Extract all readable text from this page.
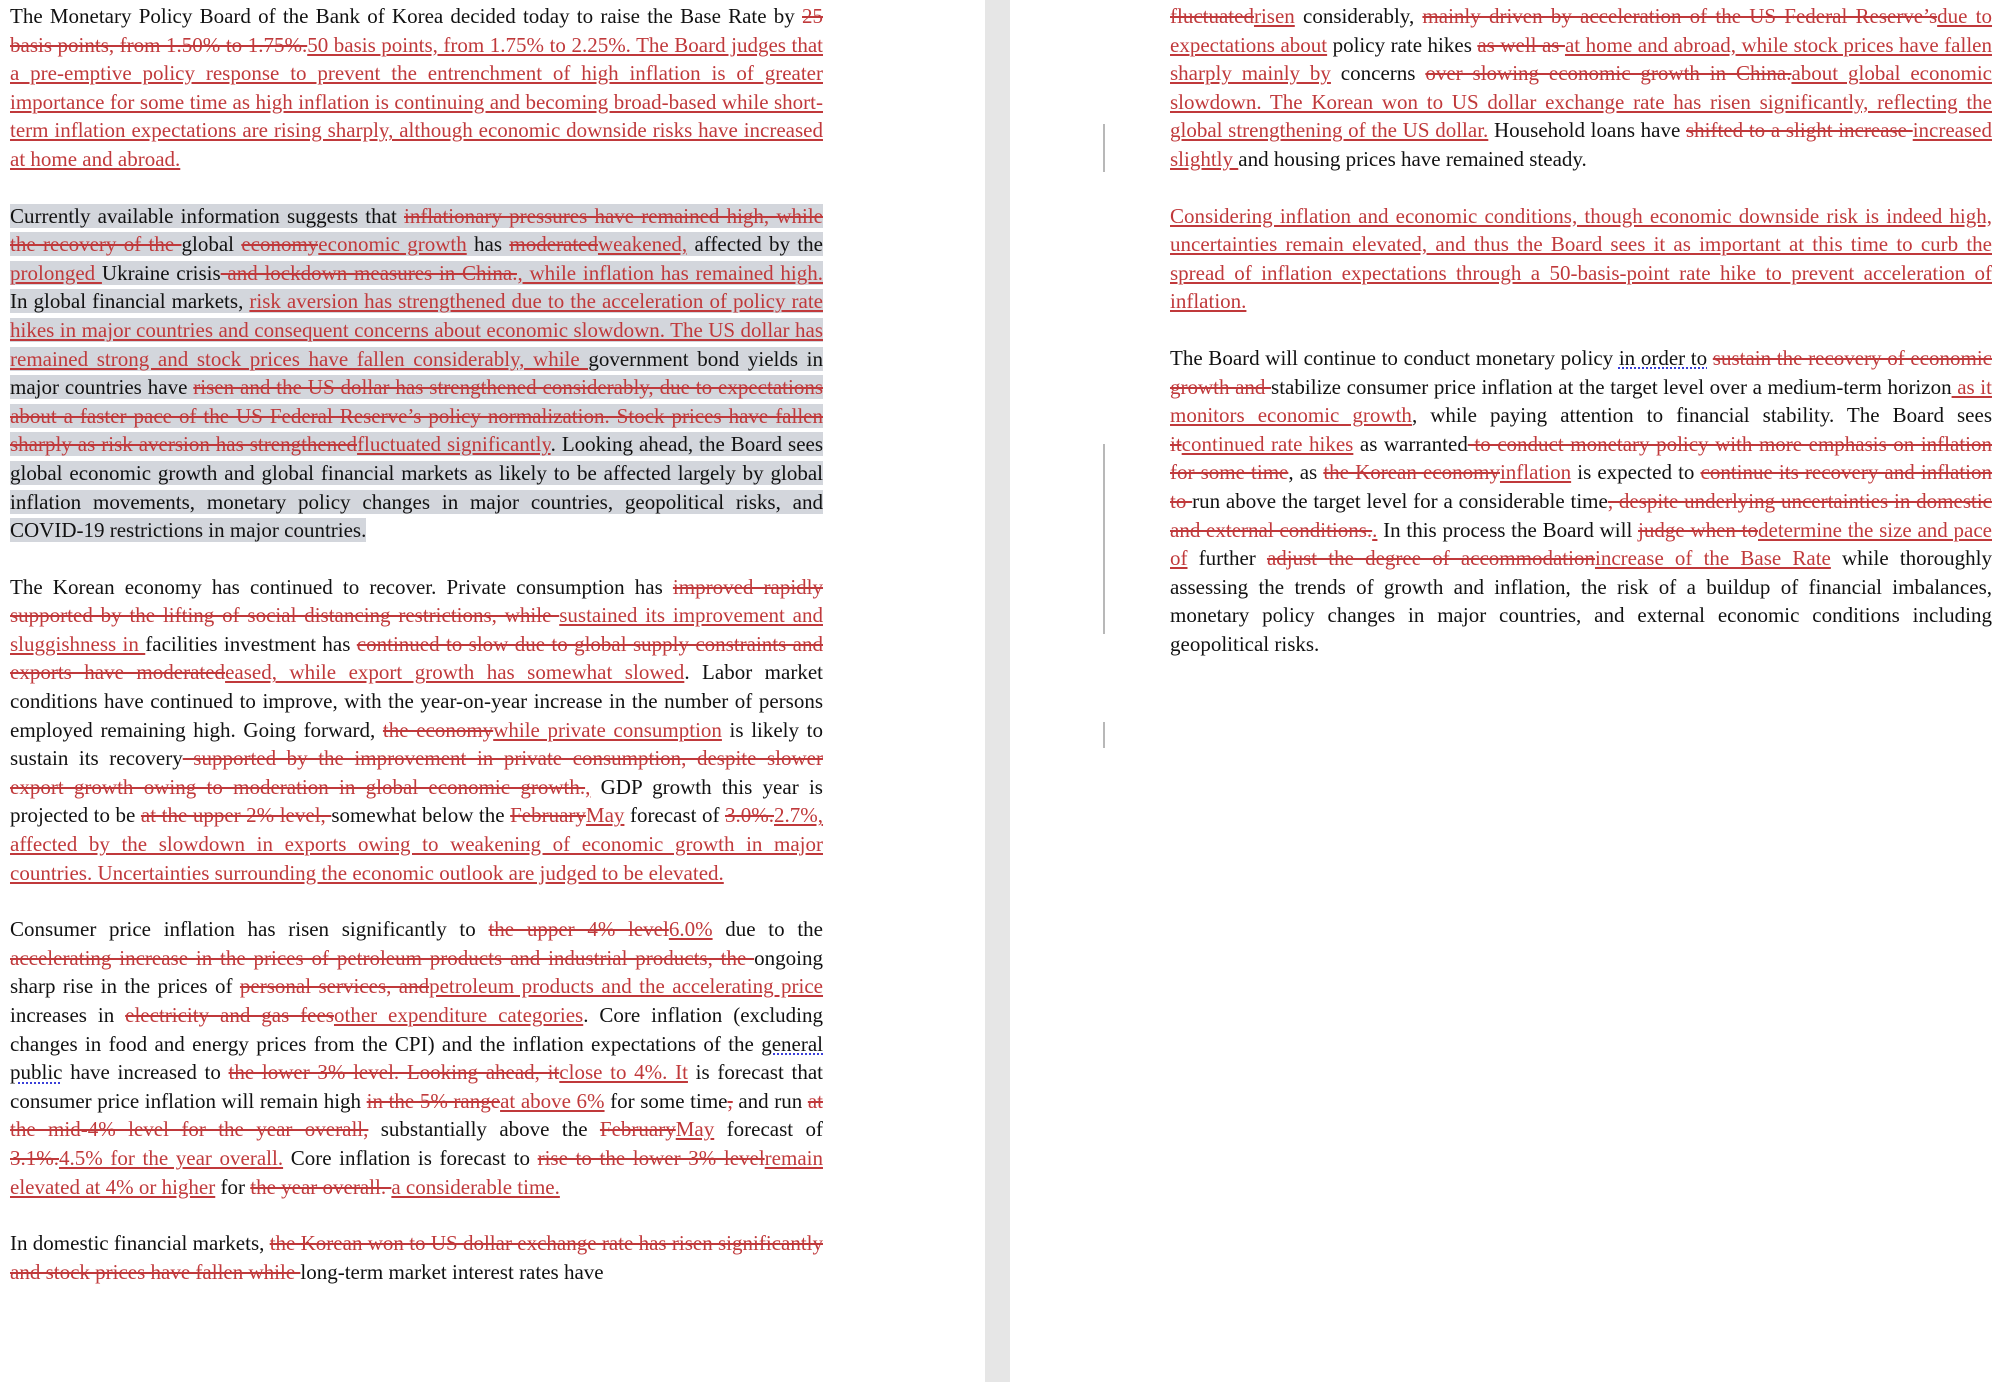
The Monetary Policy Board of the Bank of Korea decided today to raise the Base Rate by 25 basis points, from 1.50% to 1.75%.50 basis points, from 1.75% to 2.25%. The Board judges that a pre-emptive policy response to prevent the entrenchment of high inflation is of greater importance for some time as high inflation is continuing and becoming broad-based while short-term inflation expectations are rising sharply, although economic downside risks have increased at home and abroad.

Currently available information suggests that inflationary pressures have remained high, while the recovery of the global economyeconomic growth has moderatedweakened, affected by the prolonged Ukraine crisis and lockdown measures in China., while inflation has remained high. In global financial markets, risk aversion has strengthened due to the acceleration of policy rate hikes in major countries and consequent concerns about economic slowdown. The US dollar has remained strong and stock prices have fallen considerably, while government bond yields in major countries have risen and the US dollar has strengthened considerably, due to expectations about a faster pace of the US Federal Reserve’s policy normalization. Stock prices have fallen sharply as risk aversion has strengthenedfluctuated significantly. Looking ahead, the Board sees global economic growth and global financial markets as likely to be affected largely by global inflation movements, monetary policy changes in major countries, geopolitical risks, and COVID-19 restrictions in major countries.

The Korean economy has continued to recover. Private consumption has improved rapidly supported by the lifting of social distancing restrictions, while sustained its improvement and sluggishness in facilities investment has continued to slow due to global supply constraints and exports have moderatedeased, while export growth has somewhat slowed. Labor market conditions have continued to improve, with the year-on-year increase in the number of persons employed remaining high. Going forward, the economywhile private consumption is likely to sustain its recovery supported by the improvement in private consumption, despite slower export growth owing to moderation in global economic growth., GDP growth this year is projected to be at the upper 2% level, somewhat below the FebruaryMay forecast of 3.0%.2.7%, affected by the slowdown in exports owing to weakening of economic growth in major countries. Uncertainties surrounding the economic outlook are judged to be elevated.

Consumer price inflation has risen significantly to the upper 4% level6.0% due to the accelerating increase in the prices of petroleum products and industrial products, the ongoing sharp rise in the prices of personal services, andpetroleum products and the accelerating price increases in electricity and gas feesother expenditure categories. Core inflation (excluding changes in food and energy prices from the CPI) and the inflation expectations of the general public have increased to the lower 3% level. Looking ahead, itclose to 4%. It is forecast that consumer price inflation will remain high in the 5% rangeat above 6% for some time, and run at the mid-4% level for the year overall, substantially above the FebruaryMay forecast of 3.1%.4.5% for the year overall. Core inflation is forecast to rise to the lower 3% levelremain elevated at 4% or higher for the year overall. a considerable time.

In domestic financial markets, the Korean won to US dollar exchange rate has risen significantly and stock prices have fallen while long-term market interest rates have

fluctuatedrisen considerably, mainly driven by acceleration of the US Federal Reserve’sdue to expectations about policy rate hikes as well as at home and abroad, while stock prices have fallen sharply mainly by concerns over slowing economic growth in China.about global economic slowdown. The Korean won to US dollar exchange rate has risen significantly, reflecting the global strengthening of the US dollar. Household loans have shifted to a slight increase increased slightly and housing prices have remained steady.

Considering inflation and economic conditions, though economic downside risk is indeed high, uncertainties remain elevated, and thus the Board sees it as important at this time to curb the spread of inflation expectations through a 50-basis-point rate hike to prevent acceleration of inflation.

The Board will continue to conduct monetary policy in order to sustain the recovery of economic growth and stabilize consumer price inflation at the target level over a medium-term horizon as it monitors economic growth, while paying attention to financial stability. The Board sees itcontinued rate hikes as warranted to conduct monetary policy with more emphasis on inflation for some time, as the Korean economyinflation is expected to continue its recovery and inflation to run above the target level for a considerable time, despite underlying uncertainties in domestic and external conditions.. In this process the Board will judge when todetermine the size and pace of further adjust the degree of accommodationincrease of the Base Rate while thoroughly assessing the trends of growth and inflation, the risk of a buildup of financial imbalances, monetary policy changes in major countries, and external economic conditions including geopolitical risks.
